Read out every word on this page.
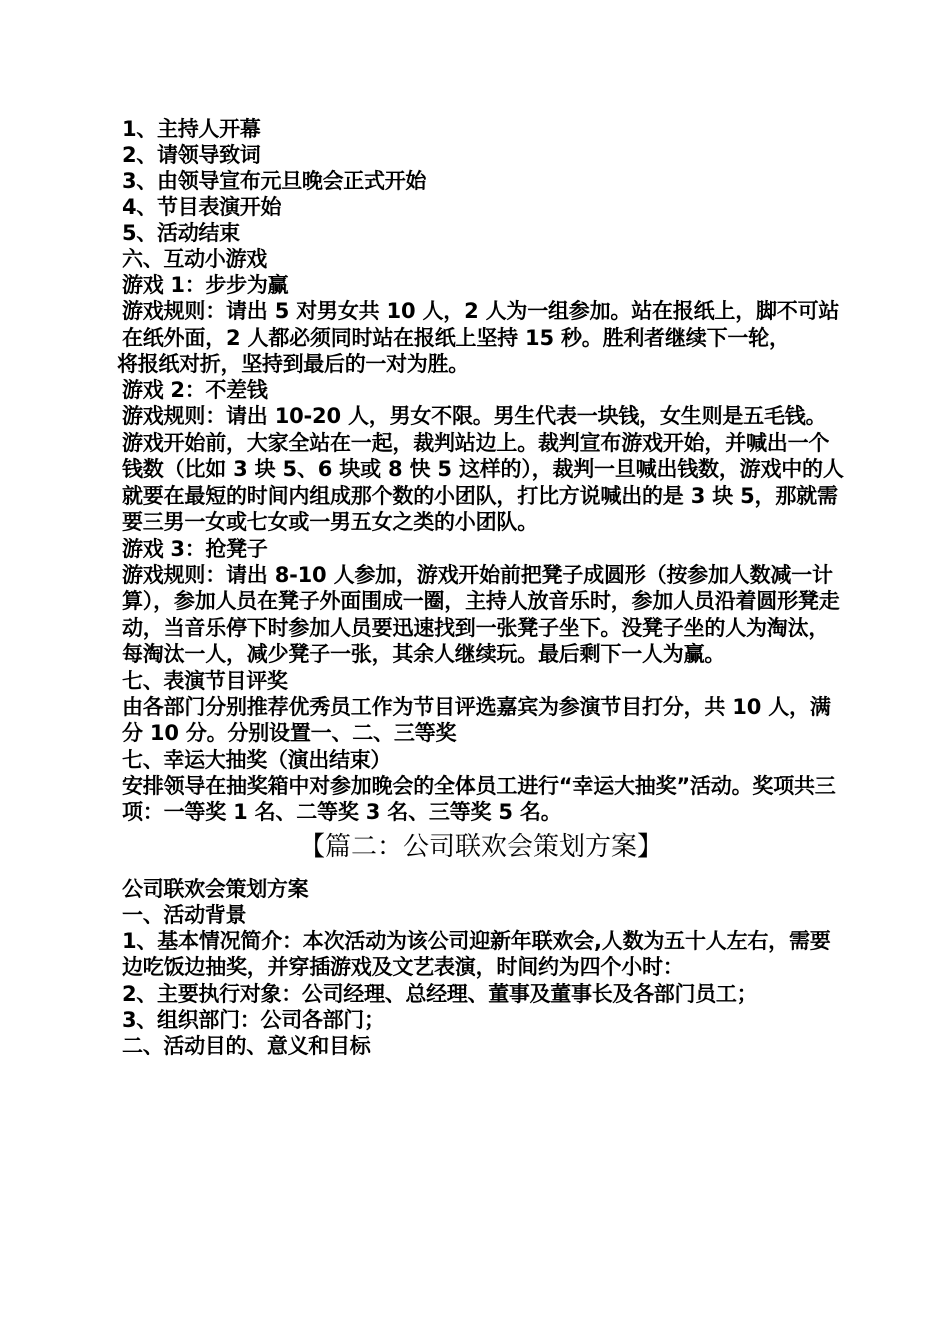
1、主持人开幕
2、请领导致词
3、由领导宣布元旦晚会正式开始
4、节目表演开始
5、活动结束
六、互动小游戏
游戏 1：步步为赢
游戏规则：请出 5 对男女共 10 人，2 人为一组参加。站在报纸上，脚不可站在纸外面，2 人都必须同时站在报纸上坚持 15 秒。胜利者继续下一轮，
将报纸对折，坚持到最后的一对为胜。
游戏 2：不差钱
游戏规则：请出 10-20 人，男女不限。男生代表一块钱，女生则是五毛钱。游戏开始前，大家全站在一起，裁判站边上。裁判宣布游戏开始，并喊出一个钱数（比如 3 块 5、6 块或 8 快 5 这样的），裁判一旦喊出钱数，游戏中的人就要在最短的时间内组成那个数的小团队，打比方说喊出的是 3 块 5，那就需要三男一女或七女或一男五女之类的小团队。
游戏 3：抢凳子
游戏规则：请出 8-10 人参加，游戏开始前把凳子成圆形（按参加人数减一计算），参加人员在凳子外面围成一圈，主持人放音乐时，参加人员沿着圆形凳走动，当音乐停下时参加人员要迅速找到一张凳子坐下。没凳子坐的人为淘汰，每淘汰一人，减少凳子一张，其余人继续玩。最后剩下一人为赢。
七、表演节目评奖
由各部门分别推荐优秀员工作为节目评选嘉宾为参演节目打分，共 10 人，满分 10 分。分别设置一、二、三等奖
七、幸运大抽奖（演出结束）
安排领导在抽奖箱中对参加晚会的全体员工进行“幸运大抽奖”活动。奖项共三项：一等奖 1 名、二等奖 3 名、三等奖 5 名。
【篇二：公司联欢会策划方案】
公司联欢会策划方案
一、活动背景
1、基本情况简介：本次活动为该公司迎新年联欢会,人数为五十人左右，需要边吃饭边抽奖，并穿插游戏及文艺表演，时间约为四个小时：
2、主要执行对象：公司经理、总经理、董事及董事长及各部门员工；
3、组织部门：公司各部门；
二、活动目的、意义和目标
